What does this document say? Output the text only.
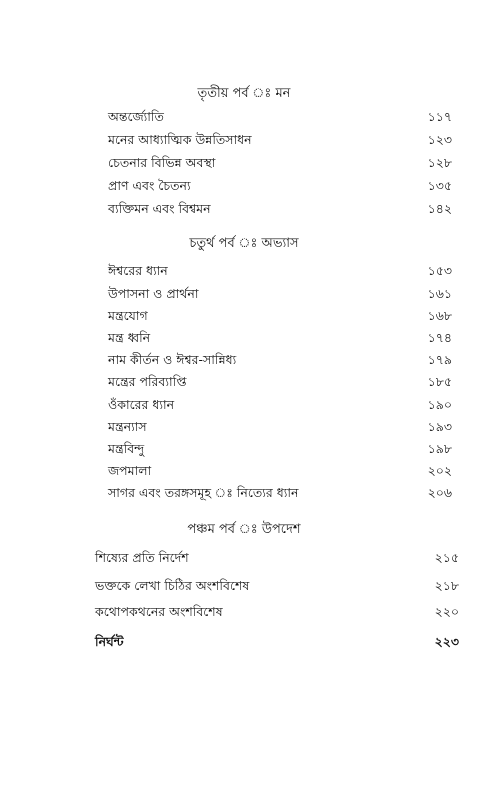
তৃতীয় পর্ব ঃ মন
অন্তর্জ্যোতি	১১৭
মনের আধ্যাত্মিক উন্নতিসাধন	১২৩
চেতনার বিভিন্ন অবস্থা	১২৮
প্রাণ এবং চৈতন্য	১৩৫
ব্যক্তিমন এবং বিশ্বমন	১৪২
চতুর্থ পর্ব ঃ অভ্যাস
ঈশ্বরের ধ্যান	১৫৩
উপাসনা ও প্রার্থনা	১৬১
মন্ত্রযোগ	১৬৮
মন্ত্র ধ্বনি	১৭৪
নাম কীর্তন ও ঈশ্বর-সান্নিধ্য	১৭৯
মন্ত্রের পরিব্যাপ্তি	১৮৫
ওঁকারের ধ্যান	১৯০
মন্ত্রন্যাস	১৯৩
মন্ত্রবিন্দু	১৯৮
জপমালা	২০২
সাগর এবং তরঙ্গসমূহ ঃ নিত্যের ধ্যান	২০৬
পঞ্চম পর্ব ঃ উপদেশ
শিষ্যের প্রতি নির্দেশ	২১৫
ভক্তকে লেখা চিঠির অংশবিশেষ	২১৮
কথোপকথনের অংশবিশেষ	২২০
নির্ঘন্ট	২২৩
